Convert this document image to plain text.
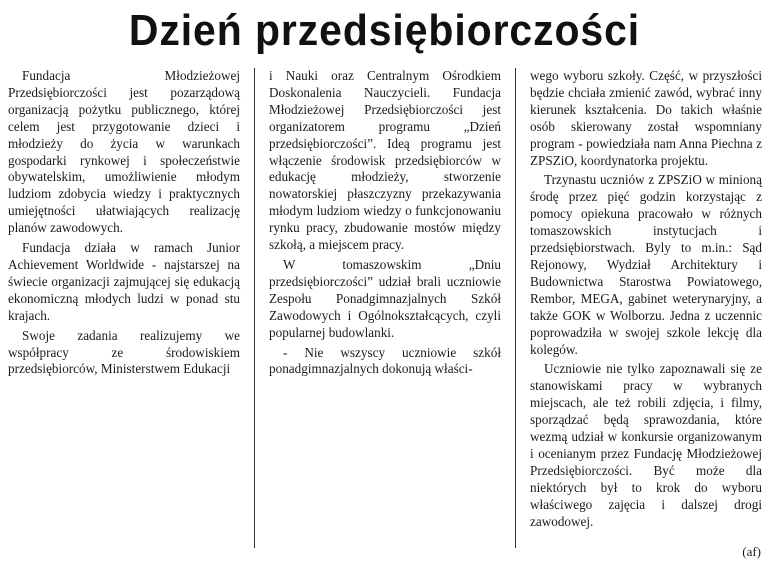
Dzień przedsiębiorczości

Fundacja Młodzieżowej Przedsiębiorczości jest pozarządową organizacją pożytku publicznego, której celem jest przygotowanie dzieci i młodzieży do życia w warunkach gospodarki rynkowej i społeczeństwie obywatelskim, umożliwienie młodym ludziom zdobycia wiedzy i praktycznych umiejętności ułatwiających realizację planów zawodowych.

Fundacja działa w ramach Junior Achievement Worldwide - najstarszej na świecie organizacji zajmującej się edukacją ekonomiczną młodych ludzi w ponad stu krajach.

Swoje zadania realizujemy we współpracy ze środowiskiem przedsiębiorców, Ministerstwem Edukacji

i Nauki oraz Centralnym Ośrodkiem Doskonalenia Nauczycieli. Fundacja Młodzieżowej Przedsiębiorczości jest organizatorem programu „Dzień przedsiębiorczości”. Ideą programu jest włączenie środowisk przedsiębiorców w edukację młodzieży, stworzenie nowatorskiej płaszczyzny przekazywania młodym ludziom wiedzy o funkcjonowaniu rynku pracy, zbudowanie mostów między szkołą, a miejscem pracy.

W tomaszowskim „Dniu przedsiębiorczości” udział brali uczniowie Zespołu Ponadgimnazjalnych Szkół Zawodowych i Ogólnokształcących, czyli popularnej budowlanki.

- Nie wszyscy uczniowie szkół ponadgimnazjalnych dokonują właści-

wego wyboru szkoły. Część, w przyszłości będzie chciała zmienić zawód, wybrać inny kierunek kształcenia. Do takich właśnie osób skierowany został wspomniany program - powiedziała nam Anna Piechna z ZPSZiO, koordynatorka projektu.

Trzynastu uczniów z ZPSZiO w minioną środę przez pięć godzin korzystając z pomocy opiekuna pracowało w różnych tomaszowskich instytucjach i przedsiębiorstwach. Byly to m.in.: Sąd Rejonowy, Wydział Architektury i Budownictwa Starostwa Powiatowego, Rembor, MEGA, gabinet weterynaryjny, a także GOK w Wolborzu. Jedna z uczennic poprowadziła w swojej szkole lekcję dla kolegów.

Uczniowie nie tylko zapoznawali się ze stanowiskami pracy w wybranych miejscach, ale też robili zdjęcia, i filmy, sporządzać będą sprawozdania, które wezmą udział w konkursie organizowanym i ocenianym przez Fundację Młodzieżowej Przedsiębiorczości. Być może dla niektórych był to krok do wyboru właściwego zajęcia i dalszej drogi zawodowej.

(af)
